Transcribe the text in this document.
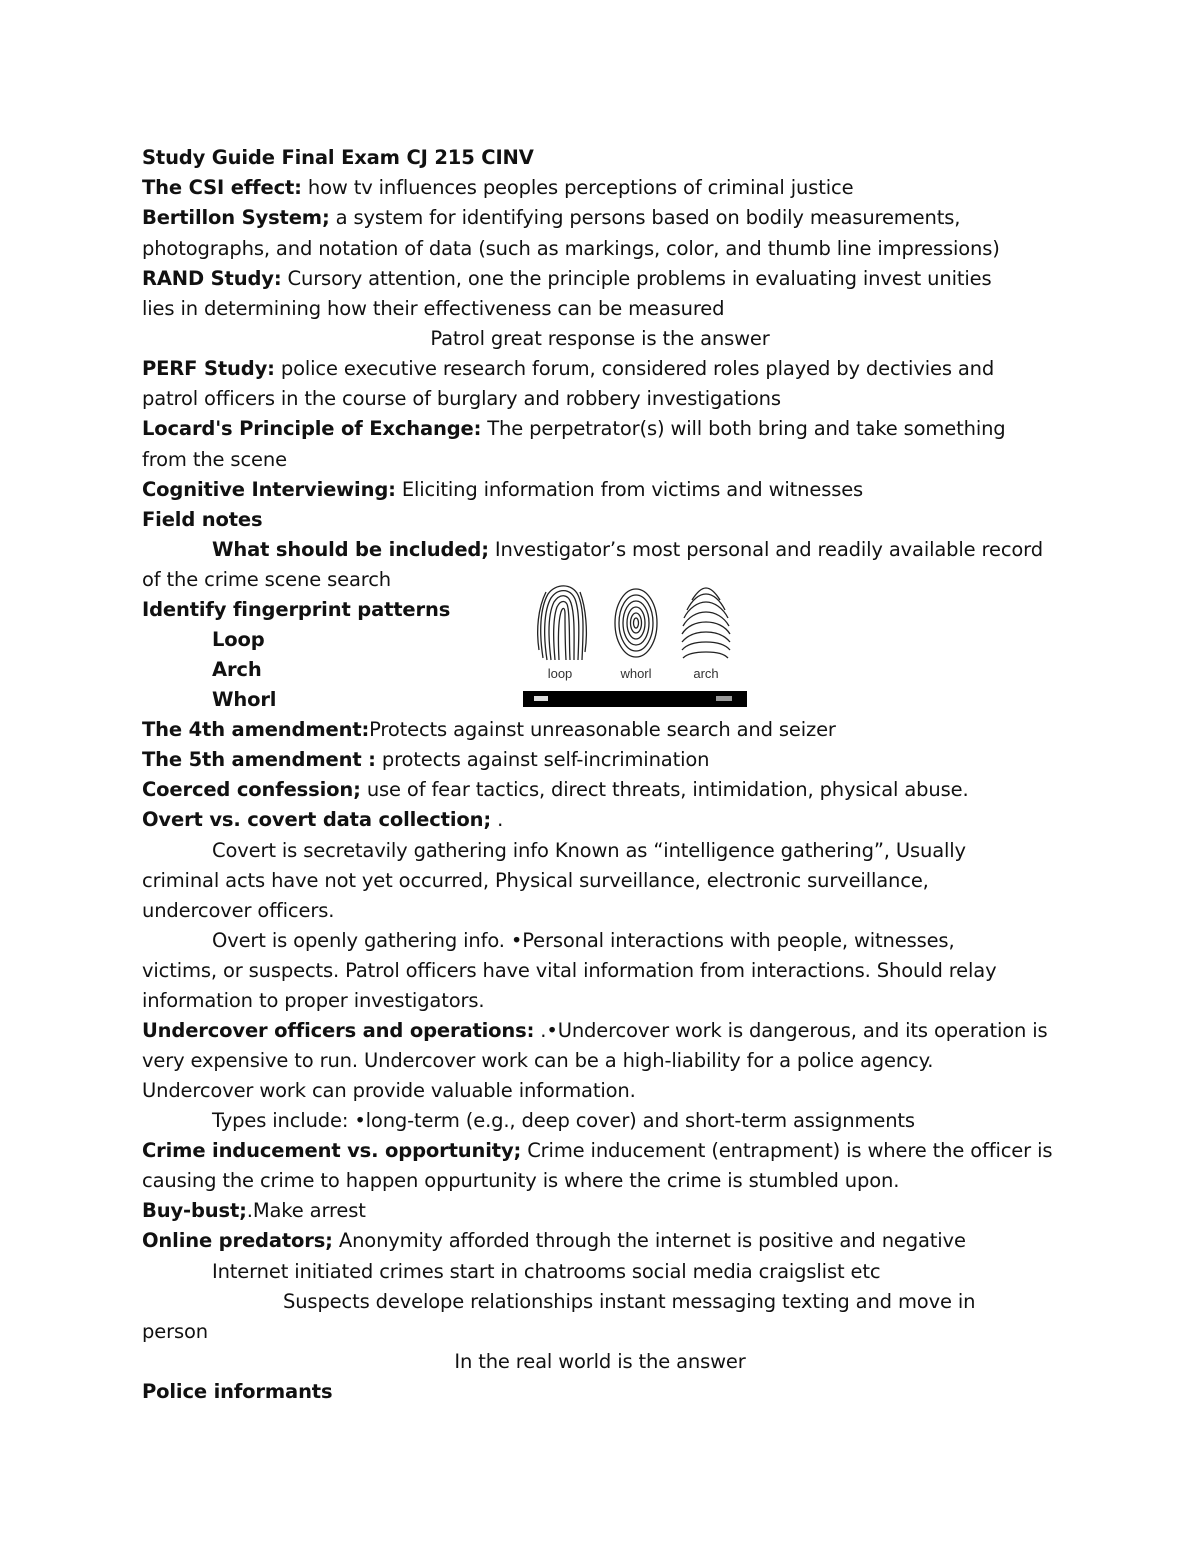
Study Guide Final Exam CJ 215 CINV
The CSI effect: how tv influences peoples perceptions of criminal justice
Bertillon System; a system for identifying persons based on bodily measurements,
photographs, and notation of data (such as markings, color, and thumb line impressions)
RAND Study: Cursory attention, one the principle problems in evaluating invest unities
lies in determining how their effectiveness can be measured
Patrol great response is the answer
PERF Study: police executive research forum, considered roles played by dectivies and
patrol officers in the course of burglary and robbery investigations
Locard's Principle of Exchange: The perpetrator(s) will both bring and take something
from the scene
Cognitive Interviewing: Eliciting information from victims and witnesses
Field notes
What should be included; Investigator’s most personal and readily available record
of the crime scene search
Identify fingerprint patterns
Loop
Arch
Whorl
loop	whorl	arch
The 4th amendment:Protects against unreasonable search and seizer
The 5th amendment : protects against self-incrimination
Coerced confession; use of fear tactics, direct threats, intimidation, physical abuse.
Overt vs. covert data collection; .
Covert is secretavily gathering info Known as “intelligence gathering”, Usually
criminal acts have not yet occurred, Physical surveillance, electronic surveillance,
undercover officers.
Overt is openly gathering info. •Personal interactions with people, witnesses,
victims, or suspects. Patrol officers have vital information from interactions. Should relay
information to proper investigators.
Undercover officers and operations: .•Undercover work is dangerous, and its operation is
very expensive to run. Undercover work can be a high-liability for a police agency.
Undercover work can provide valuable information.
Types include: •long-term (e.g., deep cover) and short-term assignments
Crime inducement vs. opportunity; Crime inducement (entrapment) is where the officer is
causing the crime to happen oppurtunity is where the crime is stumbled upon.
Buy-bust;.Make arrest
Online predators; Anonymity afforded through the internet is positive and negative
Internet initiated crimes start in chatrooms social media craigslist etc
Suspects develope relationships instant messaging texting and move in
person
In the real world is the answer
Police informants
